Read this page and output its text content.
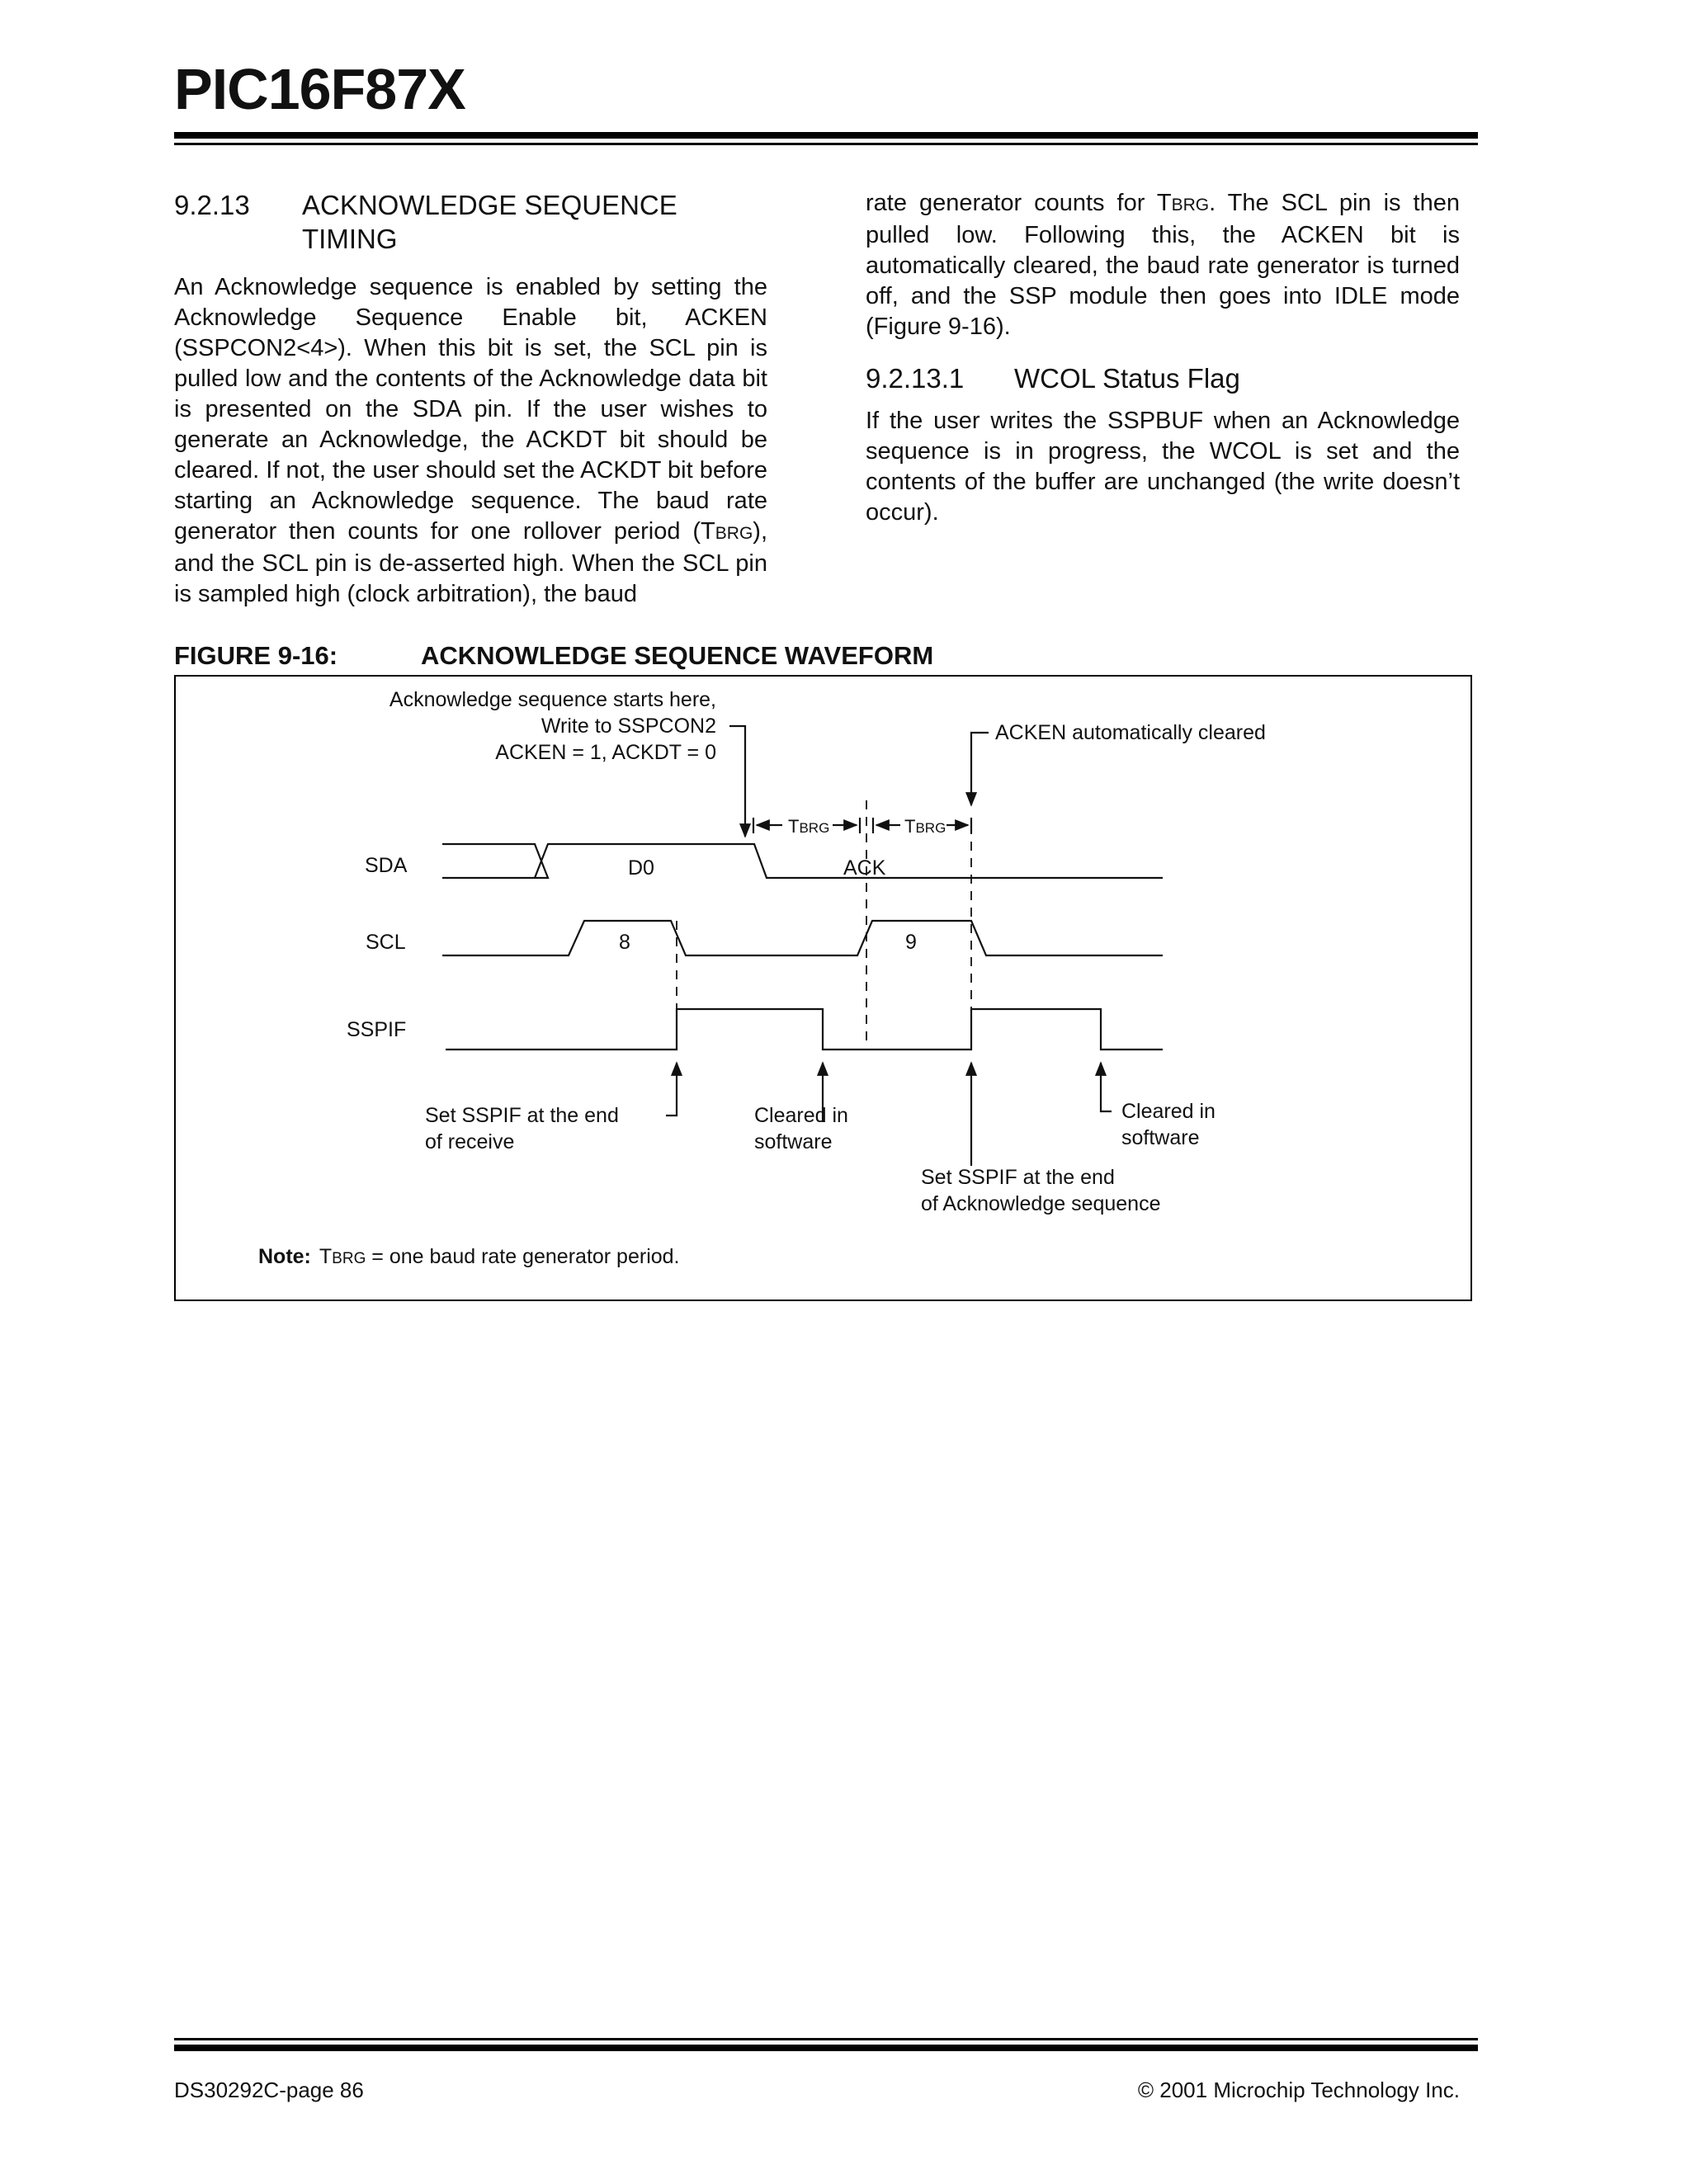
PIC16F87X
9.2.13 ACKNOWLEDGE SEQUENCE
TIMING
An Acknowledge sequence is enabled by setting the Acknowledge Sequence Enable bit, ACKEN (SSPCON2<4>). When this bit is set, the SCL pin is pulled low and the contents of the Acknowledge data bit is presented on the SDA pin. If the user wishes to generate an Acknowledge, the ACKDT bit should be cleared. If not, the user should set the ACKDT bit before starting an Acknowledge sequence. The baud rate generator then counts for one rollover period (TBRG), and the SCL pin is de-asserted high. When the SCL pin is sampled high (clock arbitration), the baud
rate generator counts for TBRG. The SCL pin is then pulled low. Following this, the ACKEN bit is automatically cleared, the baud rate generator is turned off, and the SSP module then goes into IDLE mode (Figure 9-16).
9.2.13.1 WCOL Status Flag
If the user writes the SSPBUF when an Acknowledge sequence is in progress, the WCOL is set and the contents of the buffer are unchanged (the write doesn’t occur).
FIGURE 9-16:	ACKNOWLEDGE SEQUENCE WAVEFORM
SDA
SCL
SSPIF
D0	ACK
8	9
Acknowledge sequence starts here,
Write to SSPCON2
ACKEN = 1, ACKDT = 0
ACKEN automatically cleared
TBRG	TBRG
Set SSPIF at the end
of receive
Cleared in
software
Cleared in
software
Set SSPIF at the end
of Acknowledge sequence
Note: TBRG = one baud rate generator period.
DS30292C-page 86	© 2001 Microchip Technology Inc.
